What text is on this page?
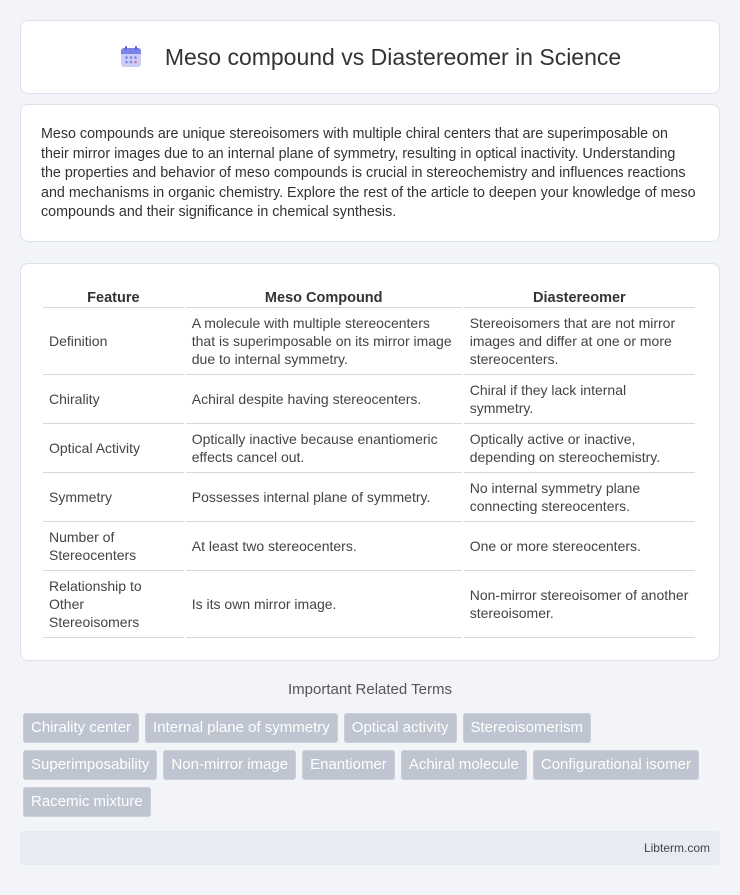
Meso compound vs Diastereomer in Science

Meso compounds are unique stereoisomers with multiple chiral centers that are superimposable on their mirror images due to an internal plane of symmetry, resulting in optical inactivity. Understanding the properties and behavior of meso compounds is crucial in stereochemistry and influences reactions and mechanisms in organic chemistry. Explore the rest of the article to deepen your knowledge of meso compounds and their significance in chemical synthesis.

Feature	Meso Compound	Diastereomer
Definition	A molecule with multiple stereocenters that is superimposable on its mirror image due to internal symmetry.	Stereoisomers that are not mirror images and differ at one or more stereocenters.
Chirality	Achiral despite having stereocenters.	Chiral if they lack internal symmetry.
Optical Activity	Optically inactive because enantiomeric effects cancel out.	Optically active or inactive, depending on stereochemistry.
Symmetry	Possesses internal plane of symmetry.	No internal symmetry plane connecting stereocenters.
Number of Stereocenters	At least two stereocenters.	One or more stereocenters.
Relationship to Other Stereoisomers	Is its own mirror image.	Non-mirror stereoisomer of another stereoisomer.
Important Related Terms
Chirality center	Internal plane of symmetry	Optical activity	Stereoisomerism
Superimposability	Non-mirror image	Enantiomer	Achiral molecule	Configurational isomer
Racemic mixture
Libterm.com
